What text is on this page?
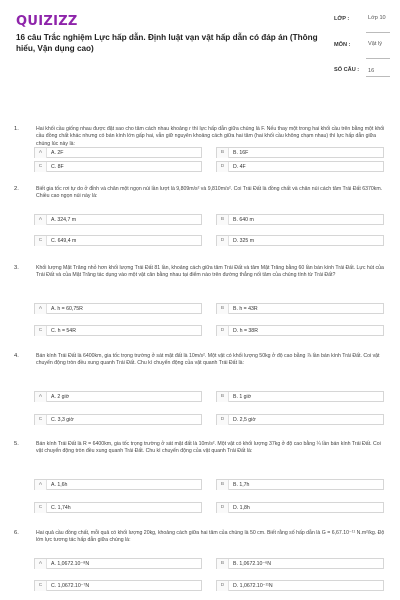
QUIZIZZ
16 câu Trắc nghiệm Lực hấp dẫn. Định luật vạn vật hấp dẫn có đáp án (Thông hiểu, Vận dụng cao)
LỚP :	Lớp 10
MÔN :	Vật lý
SỐ CÂU : 16
1.	Hai khối cầu giống nhau được đặt sao cho tâm cách nhau khoảng r thì lực hấp dẫn giữa chúng là F. Nếu thay một trong hai khối cầu trên bằng một khối cầu đồng chất khác nhưng có bán kính lớn gấp hai, vẫn giữ nguyên khoảng cách giữa hai tâm (hai khối cầu không chạm nhau) thì lực hấp dẫn giữa chúng lúc này là:
A	A. 2F	B	B. 16F
C	C. 8F	D	D. 4F
2.	Biết gia tốc rơi tự do ở đỉnh và chân một ngọn núi lần lượt là 9,809m/s² và 9,810m/s². Coi Trái Đất là đồng chất và chân núi cách tâm Trái Đất 6370km. Chiều cao ngọn núi này là:
A	A. 324,7 m	B	B. 640 m
C	C. 649,4 m	D	D. 325 m
3.	Khối lượng Mặt Trăng nhỏ hơn khối lượng Trái Đất 81 lần, khoảng cách giữa tâm Trái Đất và tâm Mặt Trăng bằng 60 lần bán kính Trái Đất. Lực hút của Trái Đất và của Mặt Trăng tác dụng vào một vật cân bằng nhau tại điểm nào trên đường thẳng nối tâm của chúng tính từ Trái Đất?
A	A. h = 60,75R	B	B. h = 43R
C	C. h = 54R	D	D. h = 38R
4.	Bán kính Trái Đất là 6400km, gia tốc trọng trường ở sát mặt đất là 10m/s². Một vật có khối lượng 50kg ở độ cao bằng ⅞ lần bán kính Trái Đất. Coi vật chuyển động tròn đều xung quanh Trái Đất. Chu kì chuyển động của vật quanh Trái Đất là:
A	A. 2 giờ	B	B. 1 giờ
C	C. 3,3 giờ	D	D. 2,5 giờ
5.	Bán kính Trái Đất là R = 6400km, gia tốc trọng trường ở sát mặt đất là 10m/s². Một vật có khối lượng 37kg ở độ cao bằng ¼ lần bán kính Trái Đất. Coi vật chuyển động tròn đều xung quanh Trái Đất. Chu kì chuyển động của vật quanh Trái Đất là:
A	A. 1,6h	B	B. 1,7h
C	C. 1,74h	D	D. 1,8h
6.	Hai quả cầu đồng chất, mỗi quả có khối lượng 20kg, khoảng cách giữa hai tâm của chúng là 50 cm. Biết rằng số hấp dẫn là G = 6,67.10⁻¹¹ N.m²/kg. Độ lớn lực tương tác hấp dẫn giữa chúng là:
A	A. 1,0672.10⁻⁸N	B	B. 1,0672.10⁻⁶N
C	C. 1,0672.10⁻⁷N	D	D. 1,0672.10⁻¹¹N
